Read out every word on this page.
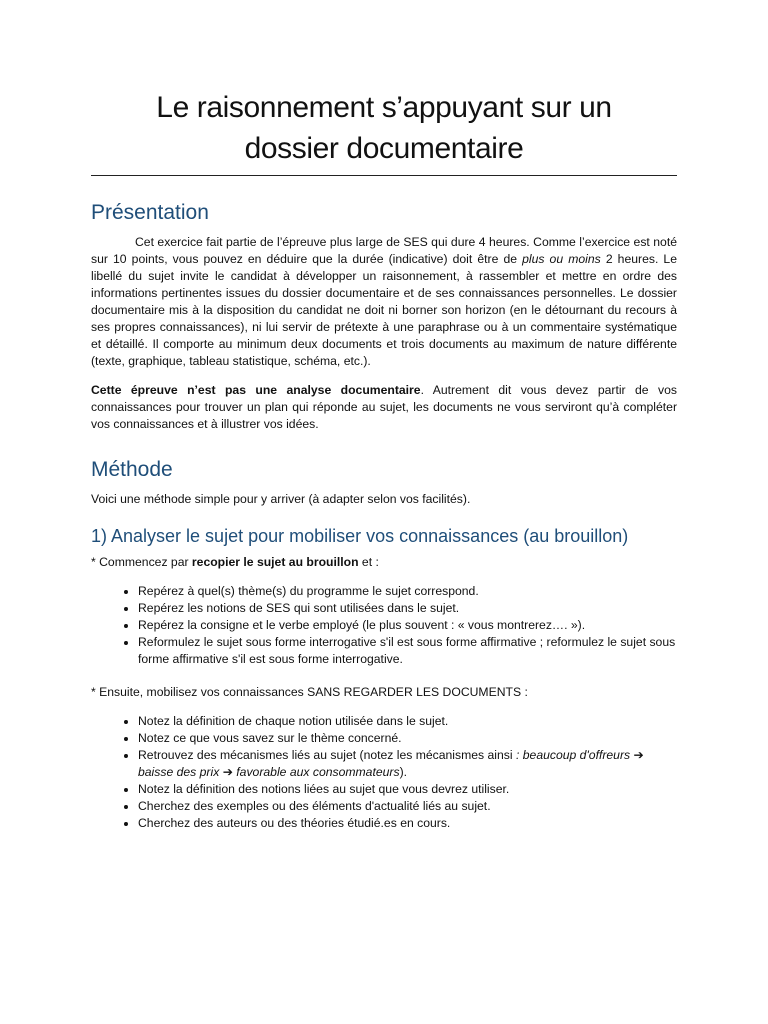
Le raisonnement s’appuyant sur un
dossier documentaire
Présentation

Cet exercice fait partie de l’épreuve plus large de SES qui dure 4 heures. Comme l’exercice est noté sur 10 points, vous pouvez en déduire que la durée (indicative) doit être de plus ou moins 2 heures. Le libellé du sujet invite le candidat à développer un raisonnement, à rassembler et mettre en ordre des informations pertinentes issues du dossier documentaire et de ses connaissances personnelles. Le dossier documentaire mis à la disposition du candidat ne doit ni borner son horizon (en le détournant du recours à ses propres connaissances), ni lui servir de prétexte à une paraphrase ou à un commentaire systématique et détaillé. Il comporte au minimum deux documents et trois documents au maximum de nature différente (texte, graphique, tableau statistique, schéma, etc.).

Cette épreuve n’est pas une analyse documentaire. Autrement dit vous devez partir de vos connaissances pour trouver un plan qui réponde au sujet, les documents ne vous serviront qu’à compléter vos connaissances et à illustrer vos idées.

Méthode

Voici une méthode simple pour y arriver (à adapter selon vos facilités).

1) Analyser le sujet pour mobiliser vos connaissances (au brouillon)

* Commencez par recopier le sujet au brouillon et :

• Repérez à quel(s) thème(s) du programme le sujet correspond.
• Repérez les notions de SES qui sont utilisées dans le sujet.
• Repérez la consigne et le verbe employé (le plus souvent : « vous montrerez…. »).
• Reformulez le sujet sous forme interrogative s'il est sous forme affirmative ; reformulez le sujet sous forme affirmative s'il est sous forme interrogative.

* Ensuite, mobilisez vos connaissances SANS REGARDER LES DOCUMENTS :

• Notez la définition de chaque notion utilisée dans le sujet.
• Notez ce que vous savez sur le thème concerné.
• Retrouvez des mécanismes liés au sujet (notez les mécanismes ainsi : beaucoup d'offreurs ➔ baisse des prix ➔ favorable aux consommateurs).
• Notez la définition des notions liées au sujet que vous devrez utiliser.
• Cherchez des exemples ou des éléments d'actualité liés au sujet.
• Cherchez des auteurs ou des théories étudié.es en cours.
